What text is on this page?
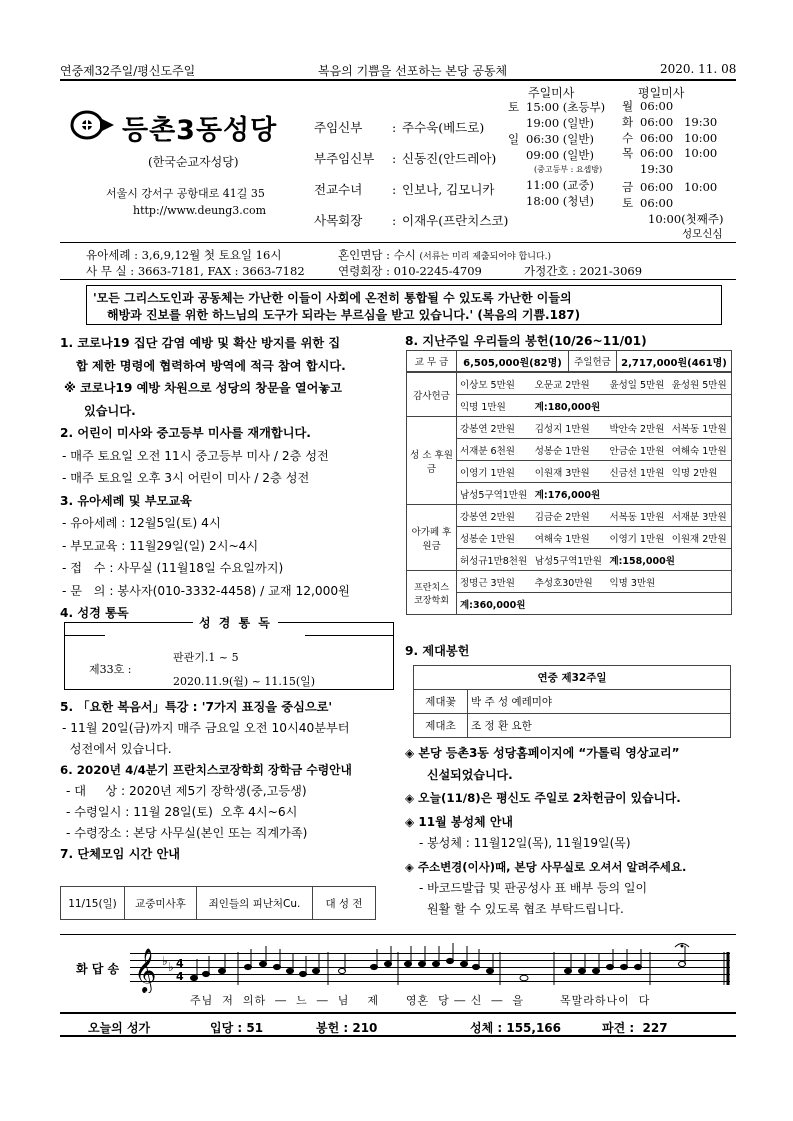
연중제32주일/평신도주일	복음의 기쁨을 선포하는 본당 공동체	2020. 11. 08
등촌3동성당
(한국순교자성당)
서울시 강서구 공항대로 41길 35
http://www.deung3.com
주임신부 : 주수욱(베드로)
부주임신부 : 신동진(안드레아)
전교수녀 : 인보나, 김모니카
사목회장 : 이재우(프란치스코)
주일미사	평일미사
토 15:00 (초등부)
19:00 (일반)
일 06:30 (일반)
09:00 (일반)
(중고등부 : 요셉방)
11:00 (교중)
18:00 (청년)
월 06:00
화 06:00   19:30
수 06:00   10:00
목 06:00   10:00
19:30
금 06:00   10:00
토 06:00
10:00(첫째주)
성모신심
유아세례 : 3,6,9,12월 첫 토요일 16시
사 무 실 : 3663-7181, FAX : 3663-7182
혼인면담 : 수시 (서류는 미리 제출되어야 합니다.)
연령회장 : 010-2245-4709	가정간호 : 2021-3069
'모든 그리스도인과 공동체는 가난한 이들이 사회에 온전히 통합될 수 있도록 가난한 이들의
해방과 진보를 위한 하느님의 도구가 되라는 부르심을 받고 있습니다.' (복음의 기쁨.187)
1. 코로나19 집단 감염 예방 및 확산 방지를 위한 집
합 제한 명령에 협력하여 방역에 적극 참여 합시다.
※ 코로나19 예방 차원으로 성당의 창문을 열어놓고
있습니다.
2. 어린이 미사와 중고등부 미사를 재개합니다.
- 매주 토요일 오전 11시 중고등부 미사 / 2층 성전
- 매주 토요일 오후 3시 어린이 미사 / 2층 성전
3. 유아세례 및 부모교육
- 유아세례 : 12월5일(토) 4시
- 부모교육 : 11월29일(일) 2시~4시
- 접   수 : 사무실 (11월18일 수요일까지)
- 문   의 : 봉사자(010-3332-4458) / 교재 12,000원
4. 성경 통독
성 경 통 독
제33호 :
판관기.1 ~ 5
2020.11.9(월) ~ 11.15(일)
5. 「요한 복음서」특강 : '7가지 표징을 중심으로'
- 11월 20일(금)까지 매주 금요일 오전 10시40분부터
성전에서 있습니다.
6. 2020년 4/4분기 프란치스코장학회 장학금 수령안내
- 대     상 : 2020년 제5기 장학생(중,고등생)
- 수령일시 : 11월 28일(토)  오후 4시~6시
- 수령장소 : 본당 사무실(본인 또는 직계가족)
7. 단체모임 시간 안내
11/15(일)	교중미사후	죄인들의 피난처Cu.	대 성 전
8. 지난주일 우리들의 봉헌(10/26~11/01)
교 무 금	6,505,000원(82명)	주일헌금	2,717,000원(461명)
감사헌금	이상모 5만원	오문교 2만원	윤성일 5만원	윤성원 5만원
	익명 1만원	계:180,000원		
성 소 후원금	강봉연 2만원	김성지 1만원	박안숙 2만원	서복동 1만원
	서재분 6천원	성봉순 1만원	안금순 1만원	여해숙 1만원
	이영기 1만원	이원재 3만원	신금선 1만원	익명 2만원
	남성5구역1만원	계:176,000원		
아가페 후원금	강봉연 2만원	김금순 2만원	서복동 1만원	서재분 3만원
	성봉순 1만원	여해숙 1만원	이영기 1만원	이원재 2만원
	허성규1만8천원	남성5구역1만원	계:158,000원	
프란치스코장학회	정명근 3만원	추성호30만원	익명 3만원	
	계:360,000원			
9. 제대봉헌
연중 제32주일	
제대꽃	박 주 성 예레미야
제대초	조 정 환 요한
◈ 본당 등촌3동 성당홈페이지에 “가톨릭 영상교리”
신설되었습니다.
◈ 오늘(11/8)은 평신도 주일로 2차헌금이 있습니다.
◈ 11월 봉성체 안내
- 봉성체 : 11월12일(목), 11월19일(목)
◈ 주소변경(이사)때, 본당 사무실로 오셔서 알려주세요.
- 바코드발급 및 판공성사 표 배부 등의 일이
원활 할 수 있도록 협조 부탁드립니다.
화 답 송 𝄞 ♭ ♭ 4
4
주님  저  의하  ―  느  ―  님    제      영혼  당 ― 신  ―  을        목말라하나이  다
오늘의 성가	입당 : 51	봉헌 : 210	성체 : 155,166	파견 :  227
